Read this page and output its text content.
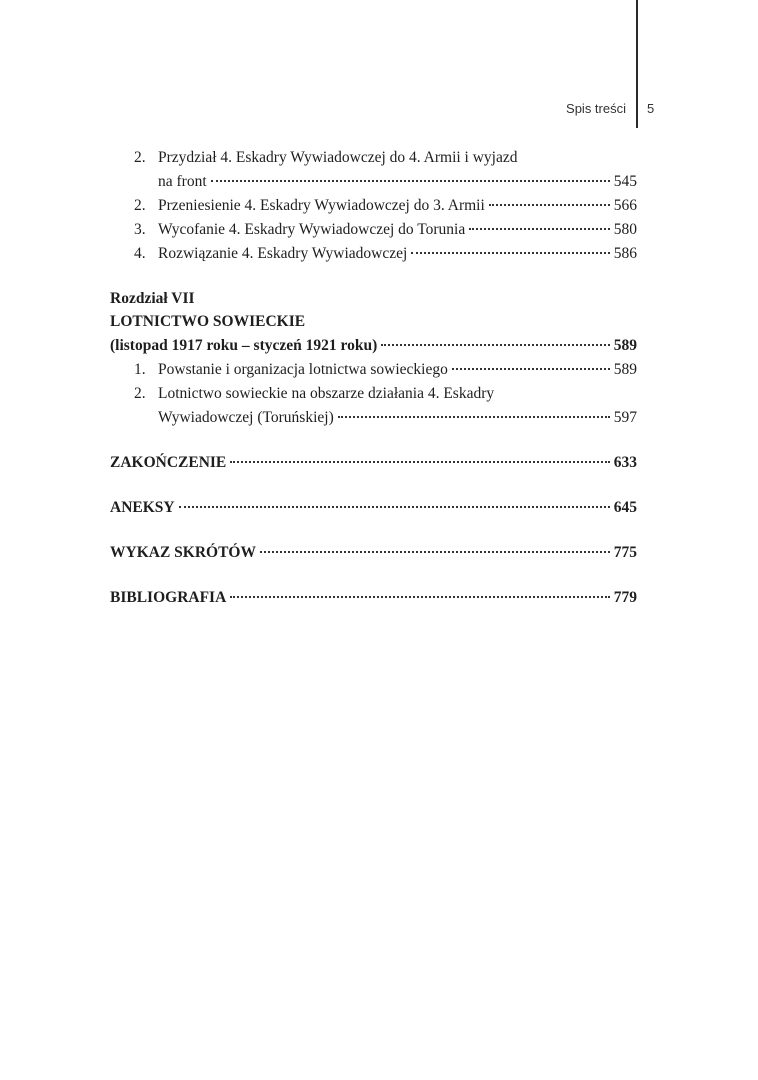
Spis treści 5
2. Przydział 4. Eskadry Wywiadowczej do 4. Armii i wyjazd
na front	545
2. Przeniesienie 4. Eskadry Wywiadowczej do 3. Armii	566
3. Wycofanie 4. Eskadry Wywiadowczej do Torunia	580
4. Rozwiązanie 4. Eskadry Wywiadowczej	586
Rozdział VII
LOTNICTWO SOWIECKIE
(listopad 1917 roku – styczeń 1921 roku)	589
1. Powstanie i organizacja lotnictwa sowieckiego	589
2. Lotnictwo sowieckie na obszarze działania 4. Eskadry
Wywiadowczej (Toruńskiej)	597
ZAKOŃCZENIE	633
ANEKSY	645
WYKAZ SKRÓTÓW	775
BIBLIOGRAFIA	779
